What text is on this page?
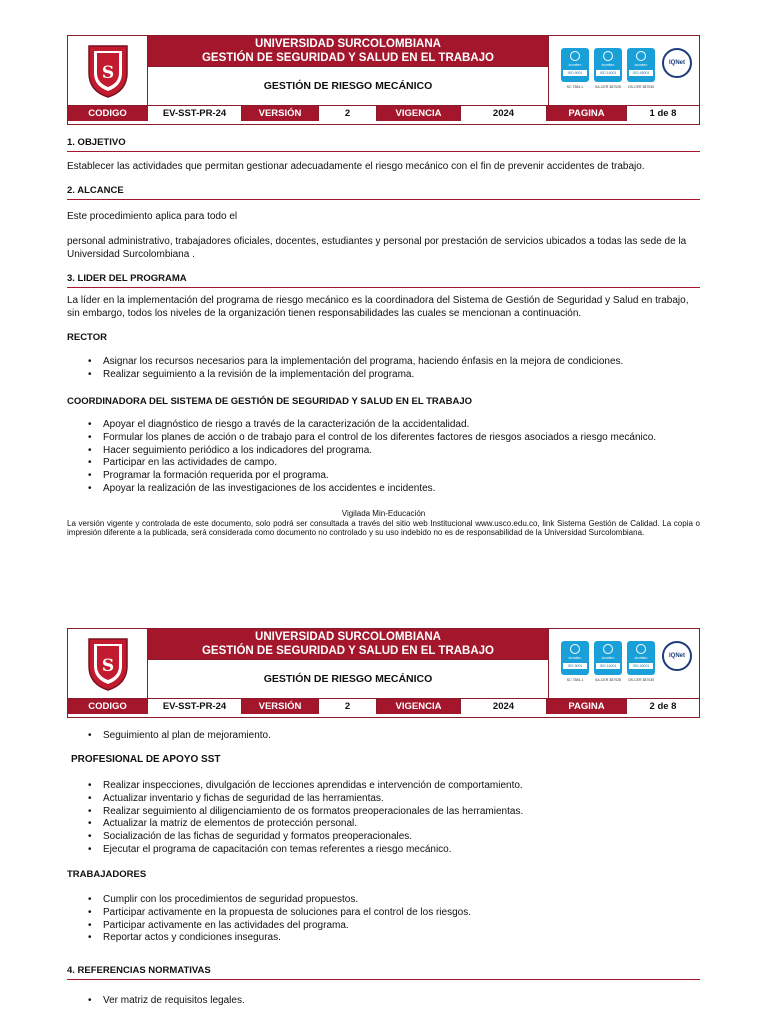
S
UNIVERSIDAD SURCOLOMBIANA
GESTIÓN DE SEGURIDAD Y SALUD EN EL TRABAJO
GESTIÓN DE RIESGO MECÁNICO
icontec
ISO 9001
icontec
ISO 14001
icontec
ISO 45001
SC 7384-1	SA-CER 387028	OS-CER 387030
IQNet
CODIGO	EV-SST-PR-24	VERSIÓN	2	VIGENCIA	2024	PAGINA	1 de 8
1. OBJETIVO
Establecer las actividades que permitan gestionar adecuadamente el riesgo mecánico con el fin de prevenir accidentes de trabajo.
2. ALCANCE
Este procedimiento aplica para todo el
personal administrativo, trabajadores oficiales, docentes, estudiantes y personal por prestación de servicios ubicados a todas las sede de la Universidad Surcolombiana .
3. LIDER DEL PROGRAMA
La líder en la implementación del programa de riesgo mecánico es la coordinadora del Sistema de Gestión de Seguridad y Salud en trabajo, sin embargo, todos los niveles de la organización tienen responsabilidades las cuales se mencionan a continuación.
RECTOR
• Asignar los recursos necesarios para la implementación del programa, haciendo énfasis en la mejora de condiciones.
• Realizar seguimiento a la revisión de la implementación del programa.
COORDINADORA DEL SISTEMA DE GESTIÓN DE SEGURIDAD Y SALUD EN EL TRABAJO
• Apoyar el diagnóstico de riesgo a través de la caracterización de la accidentalidad.
• Formular los planes de acción o de trabajo para el control de los diferentes factores de riesgos asociados a riesgo mecánico.
• Hacer seguimiento periódico a los indicadores del programa.
• Participar en las actividades de campo.
• Programar la formación requerida por el programa.
• Apoyar la realización de las investigaciones de los accidentes e incidentes.
Vigilada Min-Educación
La versión vigente y controlada de este documento, solo podrá ser consultada a través del sitio web Institucional www.usco.edu.co, link Sistema Gestión de Calidad. La copia o impresión diferente a la publicada, será considerada como documento no controlado y su uso indebido no es de responsabilidad de la Universidad Surcolombiana.
S
UNIVERSIDAD SURCOLOMBIANA
GESTIÓN DE SEGURIDAD Y SALUD EN EL TRABAJO
GESTIÓN DE RIESGO MECÁNICO
icontec
ISO 9001
icontec
ISO 14001
icontec
ISO 45001
SC 7384-1	SA-CER 387028	OS-CER 387030
IQNet
CODIGO	EV-SST-PR-24	VERSIÓN	2	VIGENCIA	2024	PAGINA	2 de 8
• Seguimiento al plan de mejoramiento.
PROFESIONAL DE APOYO SST
• Realizar inspecciones, divulgación de lecciones aprendidas e intervención de comportamiento.
• Actualizar inventario y fichas de seguridad de las herramientas.
• Realizar seguimiento al diligenciamiento de os formatos preoperacionales de las herramientas.
• Actualizar la matriz de elementos de protección personal.
• Socialización de las fichas de seguridad y formatos preoperacionales.
• Ejecutar el programa de capacitación con temas referentes a riesgo mecánico.
TRABAJADORES
• Cumplir con los procedimientos de seguridad propuestos.
• Participar activamente en la propuesta de soluciones para el control de los riesgos.
• Participar activamente en las actividades del programa.
• Reportar actos y condiciones inseguras.
4. REFERENCIAS NORMATIVAS
• Ver matriz de requisitos legales.
